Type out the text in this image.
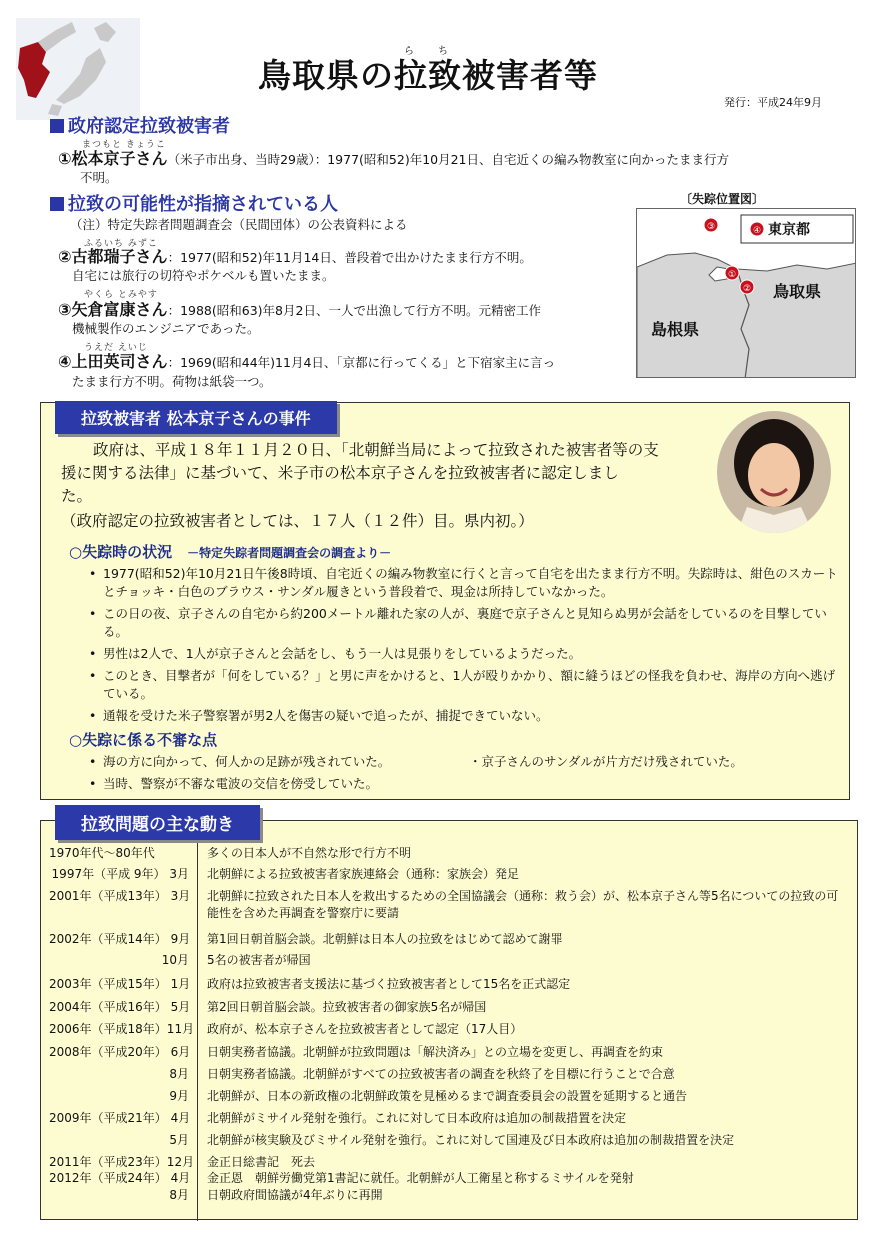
鳥取県の
ら
拉
ち
致被害者等
発行：平成24年9月
政府認定拉致被害者
まつもと きょうこ
①松本京子さん（米子市出身、当時29歳）：1977(昭和52)年10月21日、自宅近くの編み物教室に向かったまま行方
不明。
拉致の可能性が指摘されている人
（注）特定失踪者問題調査会（民間団体）の公表資料による
ふるいち みずこ
②古都瑞子さん：1977(昭和52)年11月14日、普段着で出かけたまま行方不明。
自宅には旅行の切符やポケベルも置いたまま。
やくら とみやす
③矢倉富康さん：1988(昭和63)年8月2日、一人で出漁して行方不明。元精密工作
機械製作のエンジニアであった。
うえだ えいじ
④上田英司さん：1969(昭和44年)11月4日、「京都に行ってくる」と下宿家主に言っ
たまま行方不明。荷物は紙袋一つ。
〔失踪位置図〕
③	④
①
②
東京都
鳥取県
島根県
拉致被害者 松本京子さんの事件
政府は、平成１８年１１月２０日、「北朝鮮当局によって拉致された被害者等の支
援に関する法律」に基づいて、米子市の松本京子さんを拉致被害者に認定しまし
た。
（政府認定の拉致被害者としては、１７人（１２件）目。県内初。）
○失踪時の状況　 －特定失踪者問題調査会の調査より－
• 1977(昭和52)年10月21日午後8時頃、自宅近くの編み物教室に行くと言って自宅を出たまま行方不明。失踪時は、紺色のスカートとチョッキ・白色のブラウス・サンダル履きという普段着で、現金は所持していなかった。
• この日の夜、京子さんの自宅から約200メートル離れた家の人が、裏庭で京子さんと見知らぬ男が会話をしているのを目撃している。
• 男性は2人で、1人が京子さんと会話をし、もう一人は見張りをしているようだった。
• このとき、目撃者が「何をしている？」と男に声をかけると、1人が殴りかかり、額に縫うほどの怪我を負わせ、海岸の方向へ逃げている。
• 通報を受けた米子警察署が男2人を傷害の疑いで追ったが、捕捉できていない。
○失踪に係る不審な点
• 海の方に向かって、何人かの足跡が残されていた。	・京子さんのサンダルが片方だけ残されていた。
• 当時、警察が不審な電波の交信を傍受していた。
拉致問題の主な動き
1970年代～80年代	多くの日本人が不自然な形で行方不明
1997年（平成 9年） 3月 北朝鮮による拉致被害者家族連絡会（通称：家族会）発足
2001年（平成13年） 3月 北朝鮮に拉致された日本人を救出するための全国協議会（通称：救う会）が、松本京子さん等5名についての拉致の可能性を含めた再調査を警察庁に要請
2002年（平成14年） 9月 第1回日朝首脳会談。北朝鮮は日本人の拉致をはじめて認めて謝罪
10月 5名の被害者が帰国
2003年（平成15年） 1月 政府は拉致被害者支援法に基づく拉致被害者として15名を正式認定
2004年（平成16年） 5月 第2回日朝首脳会談。拉致被害者の御家族5名が帰国
2006年（平成18年）11月 政府が、松本京子さんを拉致被害者として認定（17人目）
2008年（平成20年） 6月 日朝実務者協議。北朝鮮が拉致問題は「解決済み」との立場を変更し、再調査を約束
8月 日朝実務者協議。北朝鮮がすべての拉致被害者の調査を秋終了を目標に行うことで合意
9月 北朝鮮が、日本の新政権の北朝鮮政策を見極めるまで調査委員会の設置を延期すると通告
2009年（平成21年） 4月 北朝鮮がミサイル発射を強行。これに対して日本政府は追加の制裁措置を決定
5月 北朝鮮が核実験及びミサイル発射を強行。これに対して国連及び日本政府は追加の制裁措置を決定
2011年（平成23年）12月 金正日総書記　死去
2012年（平成24年） 4月 金正恩　朝鮮労働党第1書記に就任。北朝鮮が人工衛星と称するミサイルを発射
8月 日朝政府間協議が4年ぶりに再開
